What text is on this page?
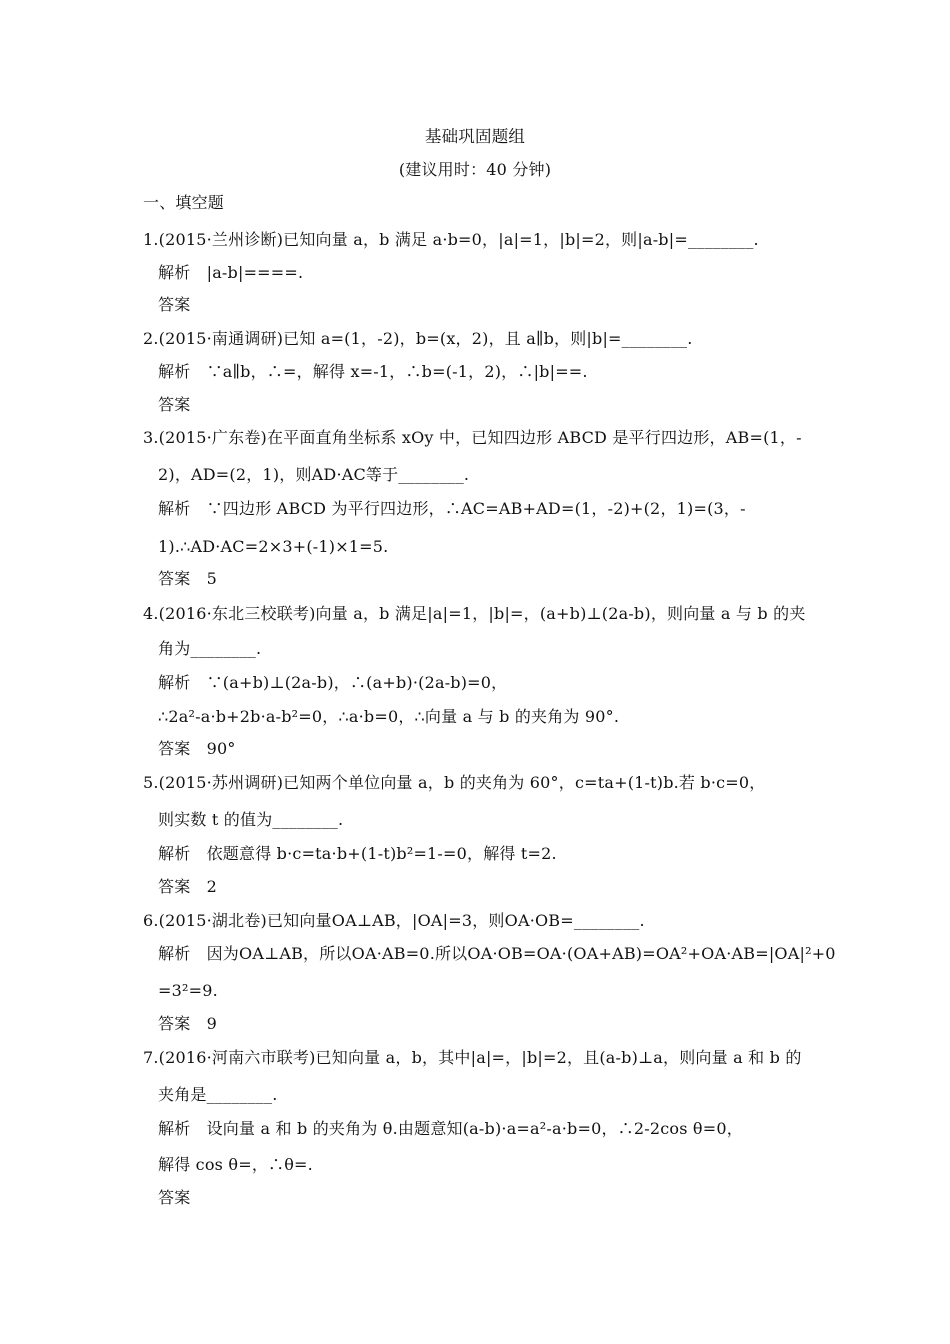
基础巩固题组
(建议用时：40 分钟)
一、填空题
1.(2015·兰州诊断)已知向量 a，b 满足 a·b=0，|a|=1，|b|=2，则|a-b|=________.
解析　|a-b|====.
答案
2.(2015·南通调研)已知 a=(1，-2)，b=(x，2)，且 a∥b，则|b|=________.
解析　∵a∥b，∴=，解得 x=-1，∴b=(-1，2)，∴|b|==.
答案
3.(2015·广东卷)在平面直角坐标系 xOy 中，已知四边形 ABCD 是平行四边形，AB=(1，-
2)，AD=(2，1)，则AD·AC等于________.
解析　∵四边形 ABCD 为平行四边形，∴AC=AB+AD=(1，-2)+(2，1)=(3，-
1).∴AD·AC=2×3+(-1)×1=5.
答案　5
4.(2016·东北三校联考)向量 a，b 满足|a|=1，|b|=，(a+b)⊥(2a-b)，则向量 a 与 b 的夹
角为________.
解析　∵(a+b)⊥(2a-b)，∴(a+b)·(2a-b)=0，
∴2a²-a·b+2b·a-b²=0，∴a·b=0，∴向量 a 与 b 的夹角为 90°.
答案　90°
5.(2015·苏州调研)已知两个单位向量 a，b 的夹角为 60°，c=ta+(1-t)b.若 b·c=0，
则实数 t 的值为________.
解析　依题意得 b·c=ta·b+(1-t)b²=1-=0，解得 t=2.
答案　2
6.(2015·湖北卷)已知向量OA⊥AB，|OA|=3，则OA·OB=________.
解析　因为OA⊥AB，所以OA·AB=0.所以OA·OB=OA·(OA+AB)=OA²+OA·AB=|OA|²+0
=3²=9.
答案　9
7.(2016·河南六市联考)已知向量 a，b，其中|a|=，|b|=2，且(a-b)⊥a，则向量 a 和 b 的
夹角是________.
解析　设向量 a 和 b 的夹角为 θ.由题意知(a-b)·a=a²-a·b=0，∴2-2cos θ=0，
解得 cos θ=，∴θ=.
答案
